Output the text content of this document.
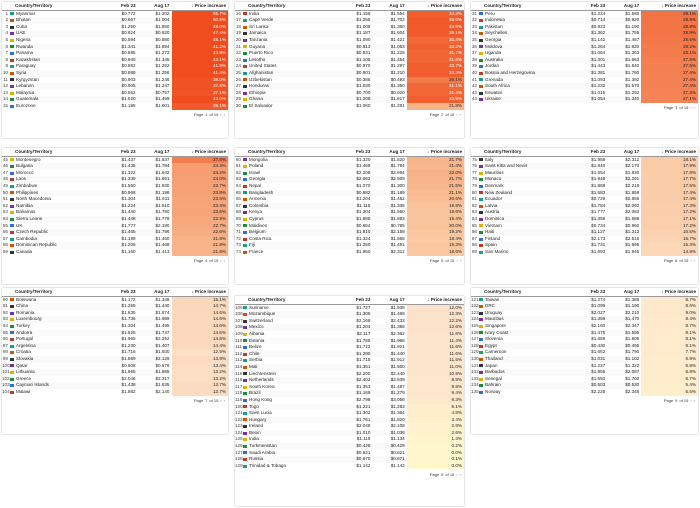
Country/Territory	Feb 23	Aug 17	↓ Price increase
1 Myanmar	$0.772	$1.202	55.7%
2 Bhutan	$0.667	$1.004	50.5%
3 Cuba	$1.250	$1.850	48.0%
4 UAE	$0.624	$0.920	47.4%
5 Nigeria	$0.594	$0.880	48.1%
6 Rwanda	$1.341	$1.894	41.2%
7 Panama	$0.885	$1.273	43.8%
8 Kazakhstan	$0.940	$1.345	43.1%
9 Paraguay	$0.882	$1.252	41.9%
10 Syria	$0.888	$1.256	41.4%
11 Kyrgyzstan	$0.903	$1.246	38.0%
12 Lebanon	$0.905	$1.247	37.8%
13 Malaysia	$0.552	$0.757	37.1%
14 Guatemala	$1.020	$1.459	43.0%
15 Eurozone	$1.185	$1.601	35.1%
Page 1 of 15 ‹ ›
Country/Territory	Feb 23	Aug 17	↓ Price increase
16 India	$1.156	$1.554	34.4%
17 Cape Verde	$1.255	$1.702	35.6%
18 Sri Lanka	$1.008	$1.360	34.9%
19 Jamaica	$1.187	$1.604	35.1%
20 Tanzania	$1.090	$1.421	30.4%
21 Guyana	$0.813	$1.083	33.2%
22 Puerto Rico	$0.931	$1.226	31.7%
23 Lesotho	$1.105	$1.454	31.6%
24 United States	$0.970	$1.297	33.7%
25 Afghanistan	$0.901	$1.210	34.3%
26 Uzbekistan	$0.385	$0.493	28.1%
27 Honduras	$1.030	$1.350	31.1%
28 Ethiopia	$0.700	$0.920	31.4%
29 Ghana	$1.208	$1.617	33.9%
30 El Salvador	$1.060	$1.291	21.8%
Page 2 of 15 ‹ ›
Country/Territory	Feb 23	Aug 17	↓ Price increase
31 Peru	$1.224	$1.580	29.1%
32 Indonesia	$0.714	$0.920	28.9%
33 Pakistan	$0.923	$1.190	28.9%
34 Seychelles	$1.362	$1.755	28.9%
35 Georgia	$1.142	$1.467	28.5%
36 Moldova	$1.264	$1.620	28.2%
37 Uganda	$1.064	$1.363	28.1%
38 Australia	$1.301	$1.663	27.8%
39 Jordan	$1.443	$1.840	27.5%
40 Bosnia and Herzegovina	$1.381	$1.760	27.4%
41 Grenada	$1.093	$1.392	27.4%
42 South Africa	$1.232	$1.570	27.4%
43 Eswatini	$1.015	$1.292	27.3%
44 Ukraine	$1.054	$1.340	27.1%
Page 3 of 15 ‹ ›
Country/Territory	Feb 23	Aug 17	↓ Price increase
45 Montenegro	$1.437	$1.837	27.8%
46 Bulgaria	$1.435	$1.784	24.3%
47 Morocco	$1.322	$1.642	24.2%
48 Laos	$1.339	$1.661	24.0%
49 Zimbabwe	$1.560	$1.930	23.7%
50 Philippines	$0.968	$1.198	23.8%
51 North Macedonia	$1.304	$1.611	23.5%
52 Namibia	$1.224	$1.510	23.4%
53 Bahamas	$1.440	$1.780	23.6%
54 Sierra Leone	$1.448	$1.779	22.9%
55 UK	$1.777	$2.180	22.7%
56 Czech Republic	$1.465	$1.796	22.6%
57 Cambodia	$1.199	$1.460	21.8%
58 Dominican Republic	$1.205	$1.468	21.8%
59 Canada	$1.160	$1.413	21.8%
Page 4 of 15 ‹ ›
Country/Territory	Feb 23	Aug 17	↓ Price increase
60 Mongolia	$1.320	$1.620	21.7%
61 Poland	$1.469	$1.784	21.4%
62 Israel	$2.208	$2.694	22.0%
63 Georgia	$2.062	$2.509	21.7%
64 Nepal	$1.070	$1.300	21.5%
65 Bangladesh	$0.982	$1.189	21.1%
66 Armenia	$1.204	$1.452	20.6%
67 Colombia	$1.115	$1.336	19.8%
68 Kenya	$1.304	$1.560	19.6%
69 Cyprus	$1.585	$1.893	19.4%
70 Maldives	$0.654	$0.785	20.0%
71 Belgium	$1.810	$2.158	19.2%
72 Costa Rica	$1.324	$1.568	18.4%
73 Fiji	$1.250	$1.491	19.3%
74 France	$1.950	$2.312	18.6%
Page 5 of 15 ‹ ›
Country/Territory	Feb 23	Aug 17	↓ Price increase
75 Italy	$1.958	$2.312	18.1%
76 Saint Kitts and Nevis	$1.840	$2.170	17.9%
77 Mauritius	$1.554	$1.830	17.8%
78 Monaco	$1.946	$2.291	17.7%
79 Denmark	$1.888	$2.218	17.5%
80 New Zealand	$1.583	$1.859	17.4%
81 Ecuador	$0.729	$0.856	17.4%
82 Latvia	$1.784	$2.092	17.3%
83 Austria	$1.777	$2.083	17.2%
84 Dominica	$1.356	$1.588	17.1%
85 Vietnam	$0.734	$0.860	17.2%
86 Haiti	$1.127	$1.313	16.5%
87 Finland	$2.173	$2.515	15.7%
88 Spain	$1.731	$1.995	15.3%
89 San Marino	$1.693	$1.945	14.9%
Page 6 of 15 ‹ ›
Country/Territory	Feb 23	Aug 17	↓ Price increase
90 Botswana	$1.172	$1.349	15.1%
91 China	$1.255	$1.440	14.7%
92 Romania	$1.635	$1.874	14.6%
93 Luxembourg	$1.736	$1.989	14.6%
94 Turkey	$1.304	$1.495	14.6%
95 Andorra	$1.525	$1.747	14.6%
96 Portugal	$1.965	$2.252	14.6%
97 Argentina	$1.230	$1.407	14.4%
98 Croatia	$1.716	$1.930	12.5%
99 Slovakia	$1.869	$2.129	13.9%
100 Qatar	$0.508	$0.576	13.4%
101 Lithuania	$1.665	$1.885	13.2%
102 Greece	$2.046	$2.317	13.2%
103 Cayman Islands	$1.438	$1.635	13.7%
104 Malawi	$1.882	$2.140	13.7%
Page 7 of 15 ‹ ›
Country/Territory	Feb 23	Aug 17	↓ Price increase
105 Suriname	$1.727	$1.935	12.0%
106 Mozambique	$1.305	$1.466	12.3%
107 Switzerland	$2.168	$2.433	12.2%
108 Mexico	$1.204	$1.356	12.6%
109 Albania	$2.117	$2.362	11.6%
110 Estonia	$1.765	$1.966	11.4%
111 Belize	$1.722	$1.921	11.6%
112 Chile	$1.290	$1.440	11.6%
113 Serbia	$1.715	$1.912	11.5%
114 Mali	$1.351	$1.500	11.0%
115 Liechtenstein	$2.200	$2.440	10.9%
116 Netherlands	$2.402	$2.639	9.9%
117 South Korea	$1.353	$1.487	9.9%
118 Brazil	$1.169	$1.279	9.4%
119 Hong Kong	$2.798	$3.058	9.3%
120 Togo	$1.221	$1.283	5.1%
121 Saint Lucia	$1.302	$1.364	4.8%
122 Hungary	$1.761	$1.820	3.4%
123 Ireland	$2.048	$2.108	2.9%
124 Benin	$1.010	$1.036	2.6%
125 India	$1.119	$1.134	1.3%
126 Turkmenistan	$0.428	$0.429	0.2%
127 Saudi Arabia	$0.621	$0.621	0.0%
128 Russia	$0.670	$0.671	0.1%
129 Trinidad & Tobago	$1.142	$1.142	0.0%
Page 8 of 15 ‹ ›
Country/Territory	Feb 23	Aug 17	↓ Price increase
121 Taiwan	$1.274	$1.385	8.7%
122 DRC	$1.096	$1.190	8.6%
123 Uruguay	$2.027	$2.210	9.0%
124 Mauritius	$1.356	$1.470	8.4%
125 Singapore	$2.160	$2.347	8.7%
126 Ivory Coast	$1.475	$1.595	8.1%
127 Slovenia	$1.669	$1.805	8.1%
128 Egypt	$0.430	$0.465	8.1%
129 Cameroon	$1.662	$1.790	7.7%
130 Thailand	$1.031	$1.102	6.9%
131 Japan	$1.237	$1.322	6.9%
132 Barbados	$1.955	$2.087	6.8%
133 Senegal	$1.650	$1.760	6.7%
134 Bahrain	$0.503	$0.530	5.4%
135 Norway	$2.225	$2.348	5.5%
Page 9 of 15 ‹ ›
